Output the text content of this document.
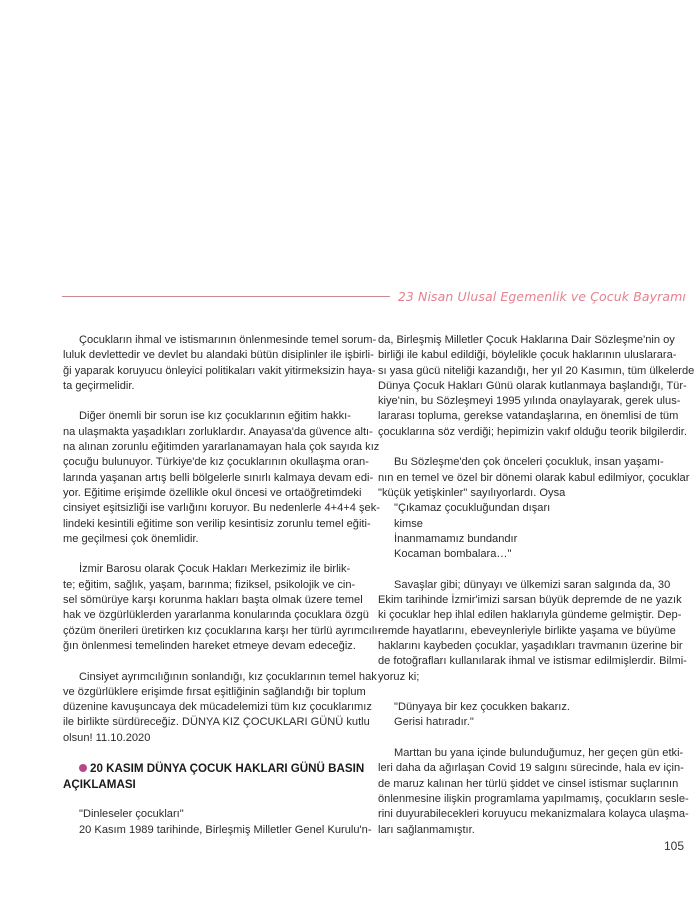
23 Nisan Ulusal Egemenlik ve Çocuk Bayramı

Çocukların ihmal ve istismarının önlenmesinde temel sorum-
luluk devlettedir ve devlet bu alandaki bütün disiplinler ile işbirli-
ği yaparak koruyucu önleyici politikaları vakit yitirmeksizin haya-
ta geçirmelidir.

Diğer önemli bir sorun ise kız çocuklarının eğitim hakkı-
na ulaşmakta yaşadıkları zorluklardır. Anayasa'da güvence altı-
na alınan zorunlu eğitimden yararlanamayan hala çok sayıda kız
çocuğu bulunuyor. Türkiye'de kız çocuklarının okullaşma oran-
larında yaşanan artış belli bölgelerle sınırlı kalmaya devam edi-
yor. Eğitime erişimde özellikle okul öncesi ve ortaöğretimdeki
cinsiyet eşitsizliği ise varlığını koruyor. Bu nedenlerle 4+4+4 şek-
lindeki kesintili eğitime son verilip kesintisiz zorunlu temel eğiti-
me geçilmesi çok önemlidir.

İzmir Barosu olarak Çocuk Hakları Merkezimiz ile birlik-
te; eğitim, sağlık, yaşam, barınma; fiziksel, psikolojik ve cin-
sel sömürüye karşı korunma hakları başta olmak üzere temel
hak ve özgürlüklerden yararlanma konularında çocuklara özgü
çözüm önerileri üretirken kız çocuklarına karşı her türlü ayrımcılı-
ğın önlenmesi temelinden hareket etmeye devam edeceğiz.

Cinsiyet ayrımcılığının sonlandığı, kız çocuklarının temel hak
ve özgürlüklere erişimde fırsat eşitliğinin sağlandığı bir toplum
düzenine kavuşuncaya dek mücadelemizi tüm kız çocuklarımız
ile birlikte sürdüreceğiz. DÜNYA KIZ ÇOCUKLARI GÜNÜ kutlu
olsun! 11.10.2020

20 KASIM DÜNYA ÇOCUK HAKLARI GÜNÜ BASIN
AÇIKLAMASI

"Dinleseler çocukları"
20 Kasım 1989 tarihinde, Birleşmiş Milletler Genel Kurulu'n-

da, Birleşmiş Milletler Çocuk Haklarına Dair Sözleşme'nin oy
birliği ile kabul edildiği, böylelikle çocuk haklarının uluslarara-
sı yasa gücü niteliği kazandığı, her yıl 20 Kasımın, tüm ülkelerde
Dünya Çocuk Hakları Günü olarak kutlanmaya başlandığı, Tür-
kiye'nin, bu Sözleşmeyi 1995 yılında onaylayarak, gerek ulus-
lararası topluma, gerekse vatandaşlarına, en önemlisi de tüm
çocuklarına söz verdiği; hepimizin vakıf olduğu teorik bilgilerdir.

Bu Sözleşme'den çok önceleri çocukluk, insan yaşamı-
nın en temel ve özel bir dönemi olarak kabul edilmiyor, çocuklar
"küçük yetişkinler" sayılıyorlardı. Oysa
"Çıkamaz çocukluğundan dışarı
kimse
İnanmamamız bundandır
Kocaman bombalara…"

Savaşlar gibi; dünyayı ve ülkemizi saran salgında da, 30
Ekim tarihinde İzmir'imizi sarsan büyük depremde de ne yazık
ki çocuklar hep ihlal edilen haklarıyla gündeme gelmiştir. Dep-
remde hayatlarını, ebeveynleriyle birlikte yaşama ve büyüme
haklarını kaybeden çocuklar, yaşadıkları travmanın üzerine bir
de fotoğrafları kullanılarak ihmal ve istismar edilmişlerdir. Bilmi-
yoruz ki;

"Dünyaya bir kez çocukken bakarız.
Gerisi hatıradır."

Marttan bu yana içinde bulunduğumuz, her geçen gün etki-
leri daha da ağırlaşan Covid 19 salgını sürecinde, hala ev için-
de maruz kalınan her türlü şiddet ve cinsel istismar suçlarının
önlenmesine ilişkin programlama yapılmamış, çocukların sesle-
rini duyurabilecekleri koruyucu mekanizmalara kolayca ulaşma-
ları sağlanmamıştır.

105
